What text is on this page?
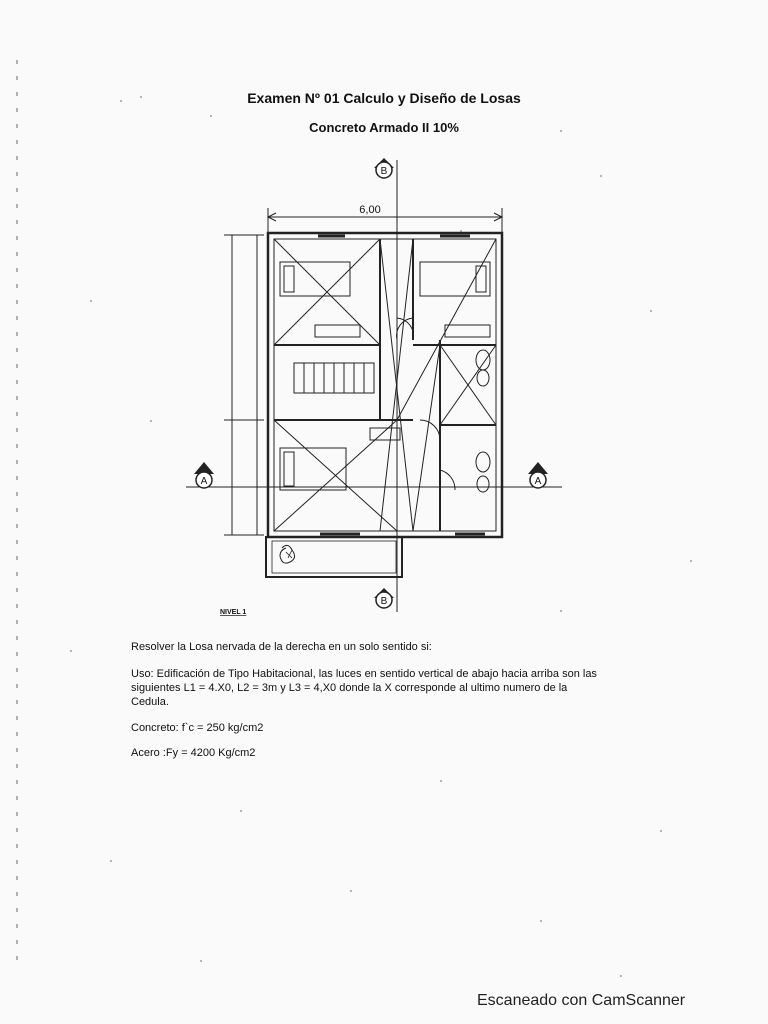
Examen Nº 01 Calculo y Diseño de Losas
Concreto Armado II 10%
B
B
A	A
6,00
NIVEL 1
Resolver la Losa nervada de la derecha en un solo sentido si:
Uso: Edificación de Tipo Habitacional, las luces en sentido vertical de abajo hacia arriba son las
siguientes L1 = 4.X0, L2 = 3m y L3 = 4,X0 donde la X corresponde al ultimo numero de la
Cedula.
Concreto: f`c = 250 kg/cm2
Acero :Fy = 4200 Kg/cm2
Escaneado con CamScanner
